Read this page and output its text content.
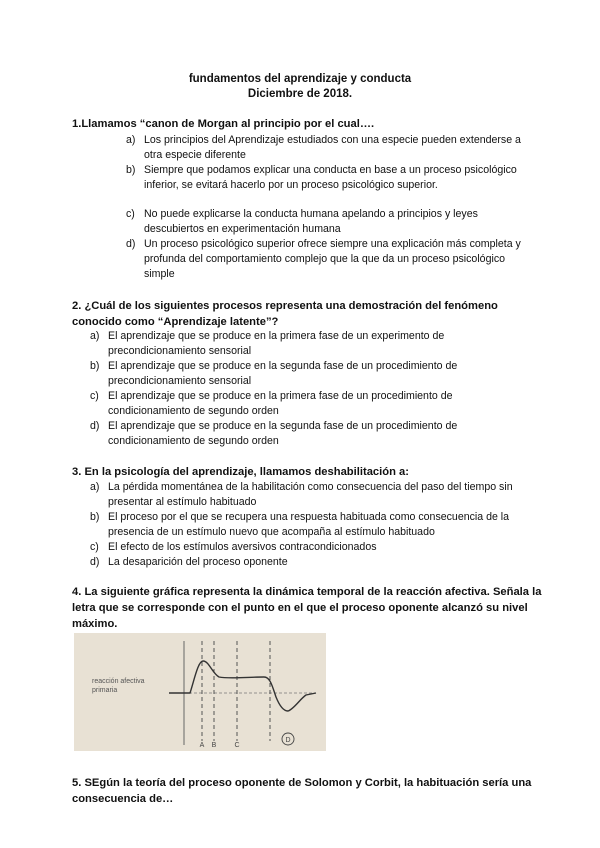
fundamentos del aprendizaje y conducta
Diciembre de 2018.
1.Llamamos “canon de Morgan al principio por el cual….
a) Los principios del Aprendizaje estudiados con una especie pueden extenderse a otra especie diferente
b) Siempre que podamos explicar una conducta en base a un proceso psicológico inferior, se evitará hacerlo por un proceso psicológico superior.
c) No puede explicarse la conducta humana apelando a principios y leyes descubiertos en experimentación humana
d) Un proceso psicológico superior ofrece siempre una explicación más completa y profunda del comportamiento complejo que la que da un proceso psicológico simple
2. ¿Cuál de los siguientes procesos representa una demostración del fenómeno conocido como “Aprendizaje latente”?
a) El aprendizaje que se produce en la primera fase de un experimento de precondicionamiento sensorial
b) El aprendizaje que se produce en la segunda fase de un procedimiento de precondicionamiento sensorial
c) El aprendizaje que se produce en la primera fase de un procedimiento de condicionamiento de segundo orden
d) El aprendizaje que se produce en la segunda fase de un procedimiento de condicionamiento de segundo orden
3. En la psicología del aprendizaje, llamamos deshabilitación a:
a) La pérdida momentánea de la habilitación como consecuencia del paso del tiempo sin presentar al estímulo habituado
b) El proceso por el que se recupera una respuesta habituada como consecuencia de la presencia de un estímulo nuevo que acompaña al estímulo habituado
c) El efecto de los estímulos aversivos contracondicionados
d) La desaparición del proceso oponente
4. La siguiente gráfica representa la dinámica temporal de la reacción afectiva. Señala la letra que se corresponde con el punto en el que el proceso oponente alcanzó su nivel máximo.
A B	C
D
reacción afectiva primaria
5. SEgún la teoría del proceso oponente de Solomon y Corbit, la habituación sería una consecuencia de…
